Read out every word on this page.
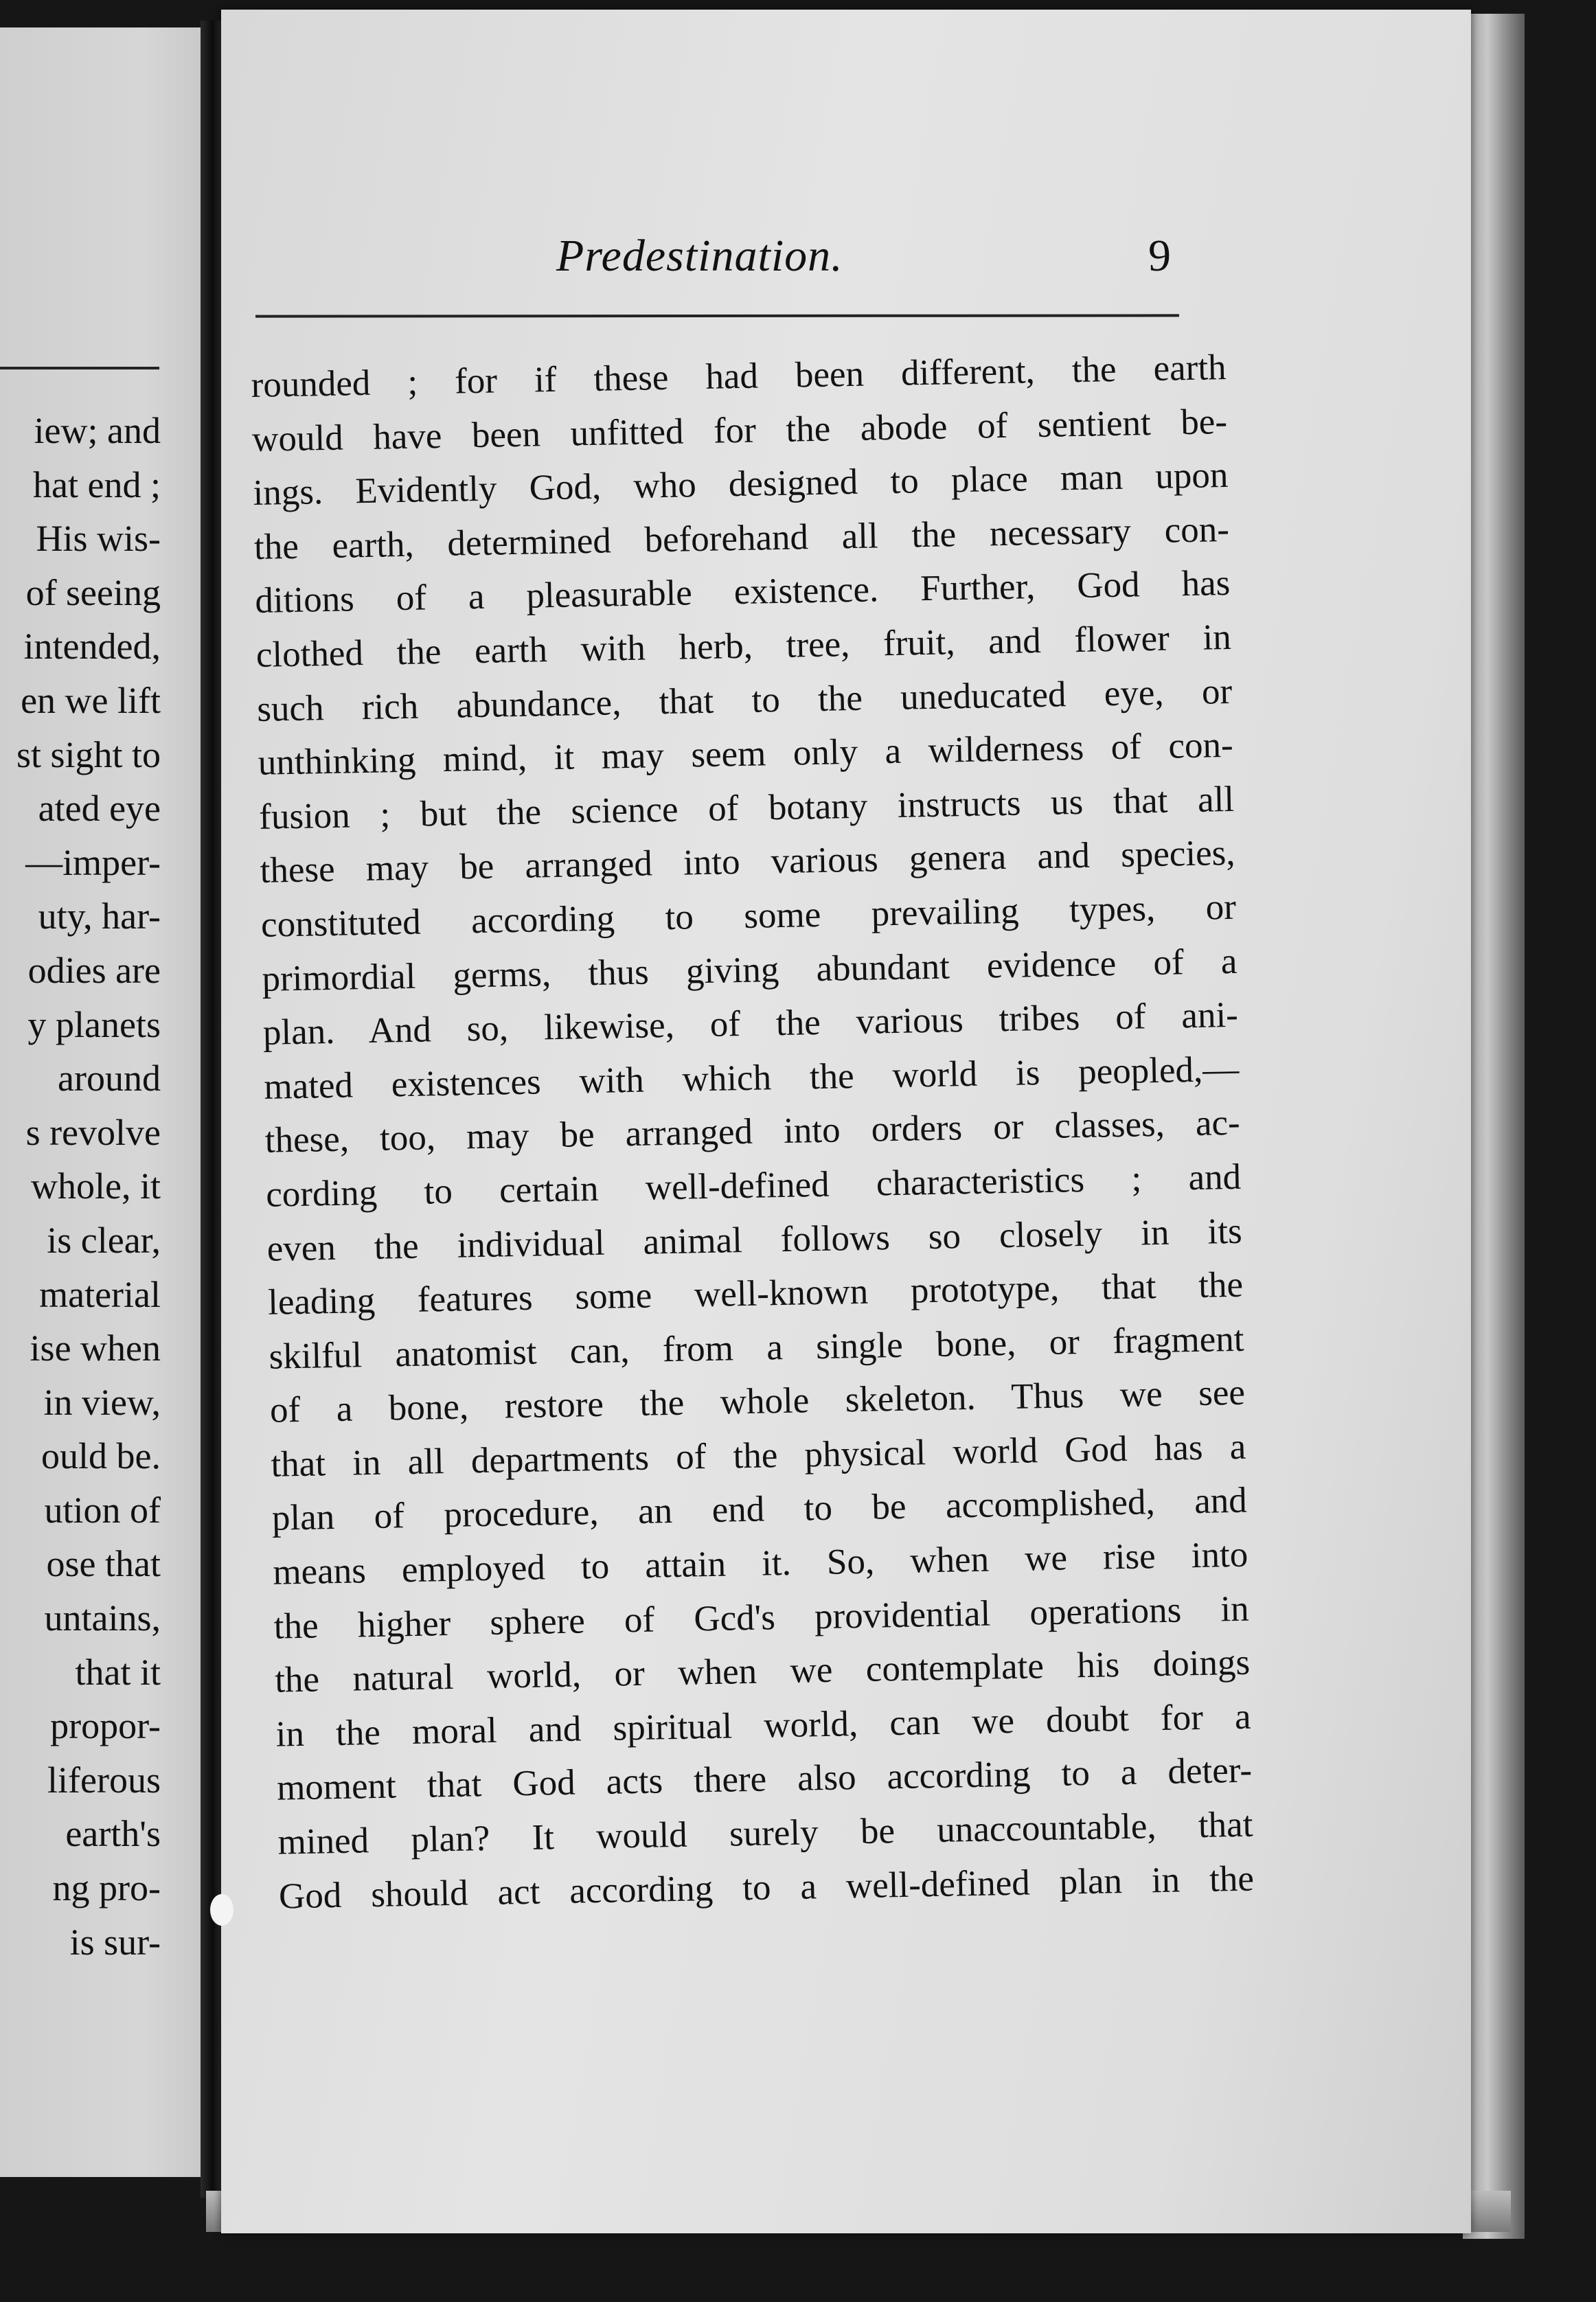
iew; and
hat end ;
His wis-
of seeing
intended,
en we lift
st sight to
ated eye
—imper-
uty, har-
odies are
y planets
around
s revolve
whole, it
is clear,
material
ise when
in view,
ould be.
ution of
ose that
untains,
that it
propor-
liferous
earth's
ng pro-
is sur-
Predestination.	9
rounded ; for if these had been different, the earth
would have been unfitted for the abode of sentient be-
ings. Evidently God, who designed to place man upon
the earth, determined beforehand all the necessary con-
ditions of a pleasurable existence. Further, God has
clothed the earth with herb, tree, fruit, and flower in
such rich abundance, that to the uneducated eye, or
unthinking mind, it may seem only a wilderness of con-
fusion ; but the science of botany instructs us that all
these may be arranged into various genera and species,
constituted according to some prevailing types, or
primordial germs, thus giving abundant evidence of a
plan. And so, likewise, of the various tribes of ani-
mated existences with which the world is peopled,—
these, too, may be arranged into orders or classes, ac-
cording to certain well-defined characteristics ; and
even the individual animal follows so closely in its
leading features some well-known prototype, that the
skilful anatomist can, from a single bone, or fragment
of a bone, restore the whole skeleton. Thus we see
that in all departments of the physical world God has a
plan of procedure, an end to be accomplished, and
means employed to attain it. So, when we rise into
the higher sphere of Gcd's providential operations in
the natural world, or when we contemplate his doings
in the moral and spiritual world, can we doubt for a
moment that God acts there also according to a deter-
mined plan? It would surely be unaccountable, that
God should act according to a well-defined plan in the
